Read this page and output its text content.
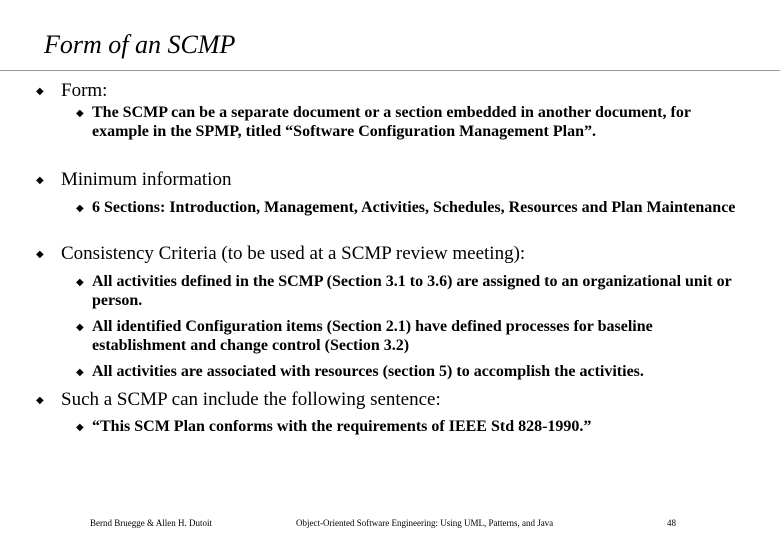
Form of an SCMP
◆ Form:
◆ The SCMP can be a separate document or a section embedded in another document, for example in the SPMP, titled “Software Configuration Management Plan”.
◆ Minimum information
◆ 6 Sections: Introduction, Management, Activities, Schedules, Resources and Plan Maintenance
◆ Consistency Criteria (to be used at a SCMP review meeting):
◆ All activities defined in the SCMP (Section 3.1 to 3.6) are assigned to an organizational unit or person.
◆ All identified Configuration items (Section 2.1) have defined processes for baseline establishment and change control (Section 3.2)
◆ All activities are associated with resources (section 5) to accomplish the activities.
◆ Such a SCMP can include the following sentence:
◆ “This SCM Plan conforms with the requirements of IEEE Std 828-1990.”
Bernd Bruegge & Allen H. Dutoit	Object-Oriented Software Engineering: Using UML, Patterns, and Java	48
